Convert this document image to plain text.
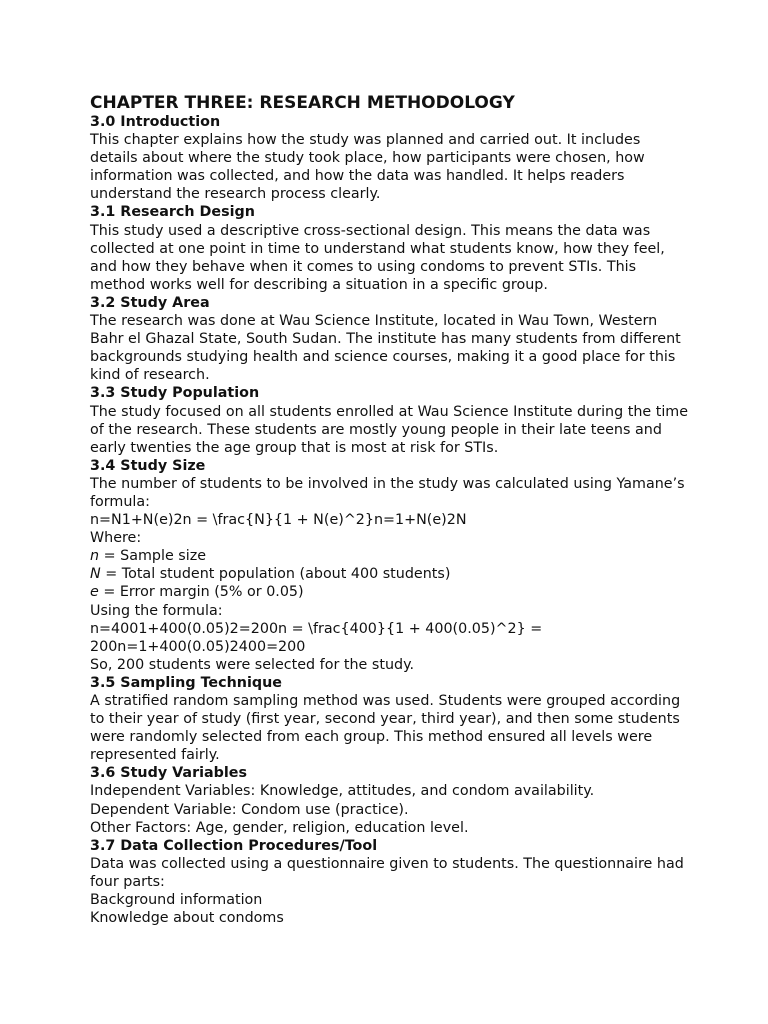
CHAPTER THREE: RESEARCH METHODOLOGY

3.0 Introduction

This chapter explains how the study was planned and carried out. It includes details about where the study took place, how participants were chosen, how information was collected, and how the data was handled. It helps readers understand the research process clearly.

3.1 Research Design

This study used a descriptive cross-sectional design. This means the data was collected at one point in time to understand what students know, how they feel, and how they behave when it comes to using condoms to prevent STIs. This method works well for describing a situation in a specific group.

3.2 Study Area

The research was done at Wau Science Institute, located in Wau Town, Western Bahr el Ghazal State, South Sudan. The institute has many students from different backgrounds studying health and science courses, making it a good place for this kind of research.

3.3 Study Population

The study focused on all students enrolled at Wau Science Institute during the time of the research. These students are mostly young people in their late teens and early twenties the age group that is most at risk for STIs.

3.4 Study Size

The number of students to be involved in the study was calculated using Yamane’s formula:

n=N1+N(e)2n = \frac{N}{1 + N(e)^2}n=1+N(e)2N

Where:

n = Sample size

N = Total student population (about 400 students)

e = Error margin (5% or 0.05)

Using the formula:

n=4001+400(0.05)2=200n = \frac{400}{1 + 400(0.05)^2} =

200n=1+400(0.05)2400=200

So, 200 students were selected for the study.

3.5 Sampling Technique

A stratified random sampling method was used. Students were grouped according to their year of study (first year, second year, third year), and then some students were randomly selected from each group. This method ensured all levels were represented fairly.

3.6 Study Variables

Independent Variables: Knowledge, attitudes, and condom availability.

Dependent Variable: Condom use (practice).

Other Factors: Age, gender, religion, education level.

3.7 Data Collection Procedures/Tool

Data was collected using a questionnaire given to students. The questionnaire had four parts:

Background information

Knowledge about condoms
